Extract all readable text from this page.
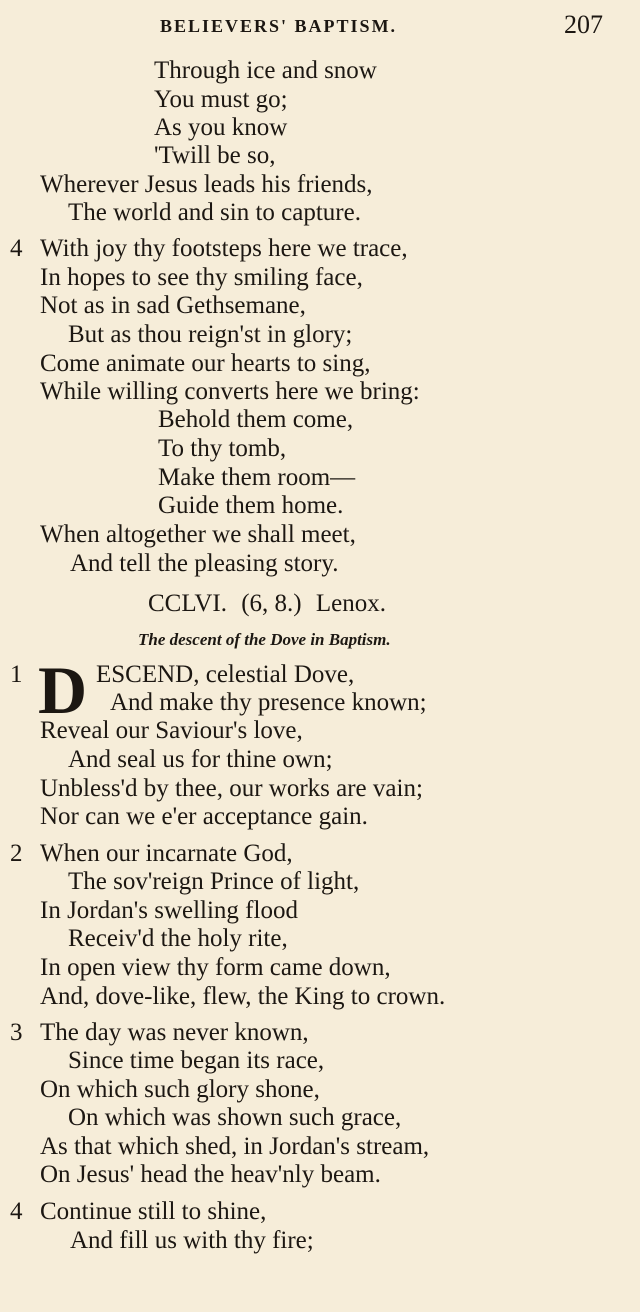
BELIEVERS' BAPTISM.	207
Through ice and snow
You must go;
As you know
'Twill be so,
Wherever Jesus leads his friends,
The world and sin to capture.
4 With joy thy footsteps here we trace,
In hopes to see thy smiling face,
Not as in sad Gethsemane,
But as thou reign'st in glory;
Come animate our hearts to sing,
While willing converts here we bring:
Behold them come,
To thy tomb,
Make them room—
Guide them home.
When altogether we shall meet,
And tell the pleasing story.
CCLVI. (6, 8.) Lenox.
The descent of the Dove in Baptism.
1 D ESCEND, celestial Dove,
And make thy presence known;
Reveal our Saviour's love,
And seal us for thine own;
Unbless'd by thee, our works are vain;
Nor can we e'er acceptance gain.
2 When our incarnate God,
The sov'reign Prince of light,
In Jordan's swelling flood
Receiv'd the holy rite,
In open view thy form came down,
And, dove-like, flew, the King to crown.
3 The day was never known,
Since time began its race,
On which such glory shone,
On which was shown such grace,
As that which shed, in Jordan's stream,
On Jesus' head the heav'nly beam.
4 Continue still to shine,
And fill us with thy fire;
